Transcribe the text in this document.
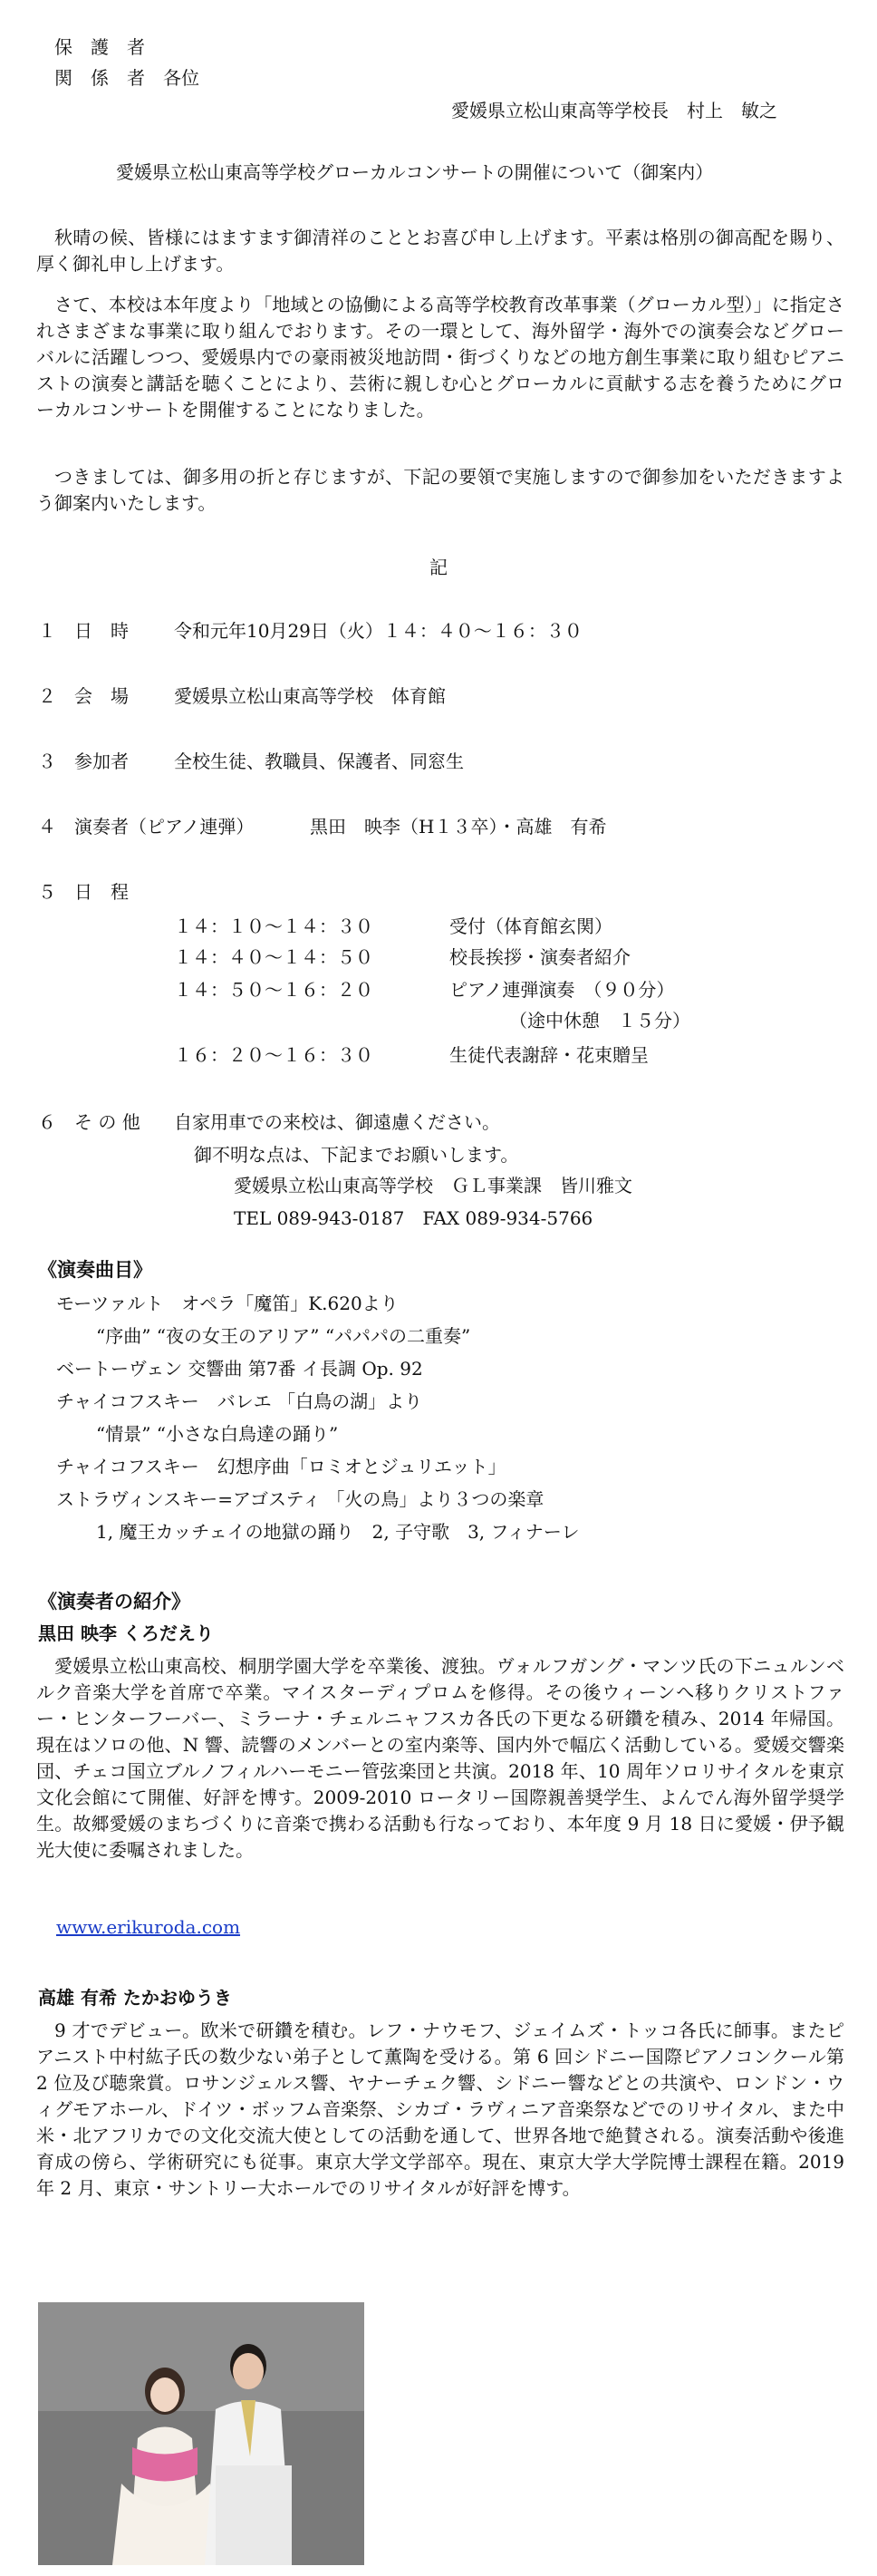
保　護　者
関　係　者　各位
愛媛県立松山東高等学校長　村上　敏之
愛媛県立松山東高等学校グローカルコンサートの開催について（御案内）
秋晴の候、皆様にはますます御清祥のこととお喜び申し上げます。平素は格別の御高配を賜り、厚く御礼申し上げます。
さて、本校は本年度より「地域との協働による高等学校教育改革事業（グローカル型）」に指定されさまざまな事業に取り組んでおります。その一環として、海外留学・海外での演奏会などグローバルに活躍しつつ、愛媛県内での豪雨被災地訪問・街づくりなどの地方創生事業に取り組むピアニストの演奏と講話を聴くことにより、芸術に親しむ心とグローカルに貢献する志を養うためにグローカルコンサートを開催することになりました。
つきましては、御多用の折と存じますが、下記の要領で実施しますので御参加をいただきますよう御案内いたします。
記
１　日　時	令和元年10月29日（火）１４：４０～１６：３０
２　会　場	愛媛県立松山東高等学校　体育館
３　参加者	全校生徒、教職員、保護者、同窓生
４　演奏者（ピアノ連弾）	黒田　映李（H１３卒）・高雄　有希
５　日　程
１４：１０～１４：３０	受付（体育館玄関）
１４：４０～１４：５０	校長挨拶・演奏者紹介
１４：５０～１６：２０	ピアノ連弾演奏　（９０分）
（途中休憩　１５分）
１６：２０～１６：３０	生徒代表謝辞・花束贈呈
６　そ の 他 自家用車での来校は、御遠慮ください。
御不明な点は、下記までお願いします。
愛媛県立松山東高等学校　ＧＬ事業課　皆川雅文
TEL 089-943-0187　FAX 089-934-5766
《演奏曲目》
モーツァルト　オペラ「魔笛」K.620より
“序曲” “夜の女王のアリア” “パパパの二重奏”
ベートーヴェン 交響曲 第7番 イ長調 Op. 92
チャイコフスキー　バレエ 「白鳥の湖」より
“情景” “小さな白鳥達の踊り”
チャイコフスキー　幻想序曲「ロミオとジュリエット」
ストラヴィンスキー=アゴスティ 「火の鳥」より３つの楽章
1, 魔王カッチェイの地獄の踊り　2, 子守歌　3, フィナーレ
《演奏者の紹介》
黒田 映李 くろだえり
愛媛県立松山東高校、桐朋学園大学を卒業後、渡独。ヴォルフガング・マンツ氏の下ニュルンベルク音楽大学を首席で卒業。マイスターディプロムを修得。その後ウィーンへ移りクリストファー・ヒンターフーバー、ミラーナ・チェルニャフスカ各氏の下更なる研鑽を積み、2014 年帰国。現在はソロの他、N 響、読響のメンバーとの室内楽等、国内外で幅広く活動している。愛媛交響楽団、チェコ国立ブルノフィルハーモニー管弦楽団と共演。2018 年、10 周年ソロリサイタルを東京文化会館にて開催、好評を博す。2009-2010 ロータリー国際親善奨学生、よんでん海外留学奨学生。故郷愛媛のまちづくりに音楽で携わる活動も行なっており、本年度 9 月 18 日に愛媛・伊予観光大使に委嘱されました。
www.erikuroda.com
高雄 有希 たかおゆうき
9 才でデビュー。欧米で研鑽を積む。レフ・ナウモフ、ジェイムズ・トッコ各氏に師事。またピアニスト中村紘子氏の数少ない弟子として薫陶を受ける。第 6 回シドニー国際ピアノコンクール第 2 位及び聴衆賞。ロサンジェルス響、ヤナーチェク響、シドニー響などとの共演や、ロンドン・ウィグモアホール、ドイツ・ボッフム音楽祭、シカゴ・ラヴィニア音楽祭などでのリサイタル、また中米・北アフリカでの文化交流大使としての活動を通して、世界各地で絶賛される。演奏活動や後進育成の傍ら、学術研究にも従事。東京大学文学部卒。現在、東京大学大学院博士課程在籍。2019 年 2 月、東京・サントリー大ホールでのリサイタルが好評を博す。
